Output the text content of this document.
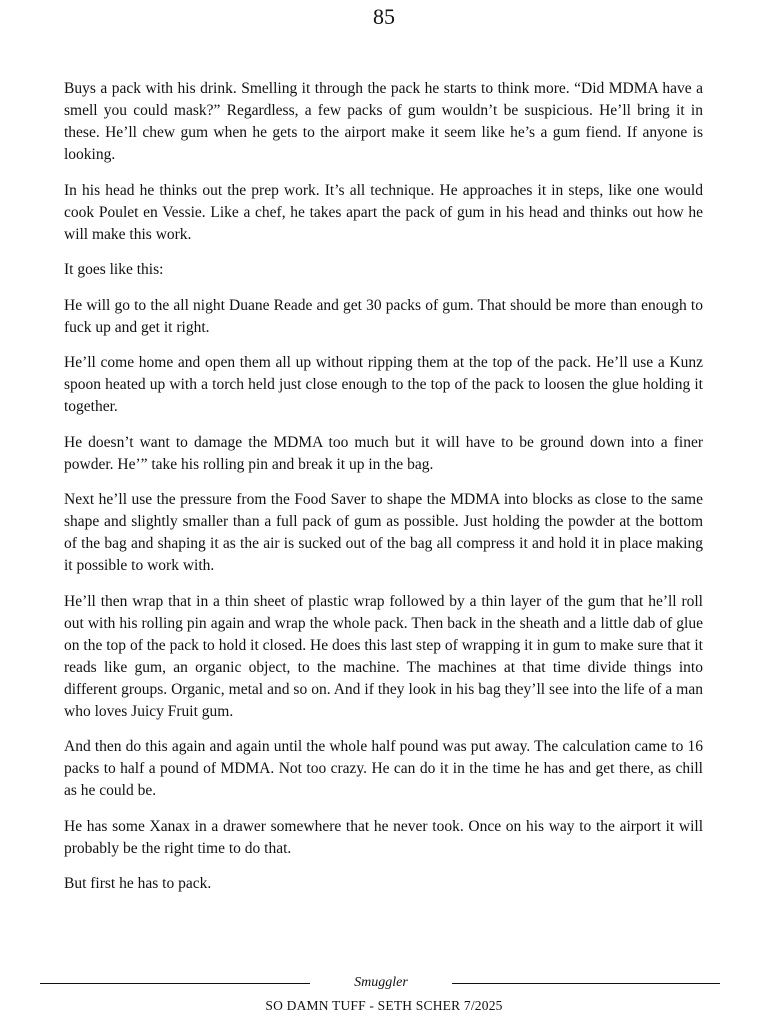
85

Buys a pack with his drink. Smelling it through the pack he starts to think more. “Did MDMA have a smell you could mask?” Regardless, a few packs of gum wouldn’t be suspicious. He’ll bring it in these. He’ll chew gum when he gets to the airport make it seem like he’s a gum fiend. If anyone is looking.

In his head he thinks out the prep work. It’s all technique. He approaches it in steps, like one would cook Poulet en Vessie. Like a chef, he takes apart the pack of gum in his head and thinks out how he will make this work.

It goes like this:

He will go to the all night Duane Reade and get 30 packs of gum. That should be more than enough to fuck up and get it right.

He’ll come home and open them all up without ripping them at the top of the pack. He’ll use a Kunz spoon heated up with a torch held just close enough to the top of the pack to loosen the glue holding it together.

He doesn’t want to damage the MDMA too much but it will have to be ground down into a finer powder. He’” take his rolling pin and break it up in the bag.

Next he’ll use the pressure from the Food Saver to shape the MDMA into blocks as close to the same shape and slightly smaller than a full pack of gum as possible. Just holding the powder at the bottom of the bag and shaping it as the air is sucked out of the bag all compress it and hold it in place making it possible to work with.

He’ll then wrap that in a thin sheet of plastic wrap followed by a thin layer of the gum that he’ll roll out with his rolling pin again and wrap the whole pack. Then back in the sheath and a little dab of glue on the top of the pack to hold it closed. He does this last step of wrapping it in gum to make sure that it reads like gum, an organic object, to the machine. The machines at that time divide things into different groups. Organic, metal and so on. And if they look in his bag they’ll see into the life of a man who loves Juicy Fruit gum.

And then do this again and again until the whole half pound was put away. The calculation came to 16 packs to half a pound of MDMA. Not too crazy. He can do it in the time he has and get there, as chill as he could be.

He has some Xanax in a drawer somewhere that he never took. Once on his way to the airport it will probably be the right time to do that.

But first he has to pack.

Smuggler
SO DAMN TUFF - SETH SCHER 7/2025
